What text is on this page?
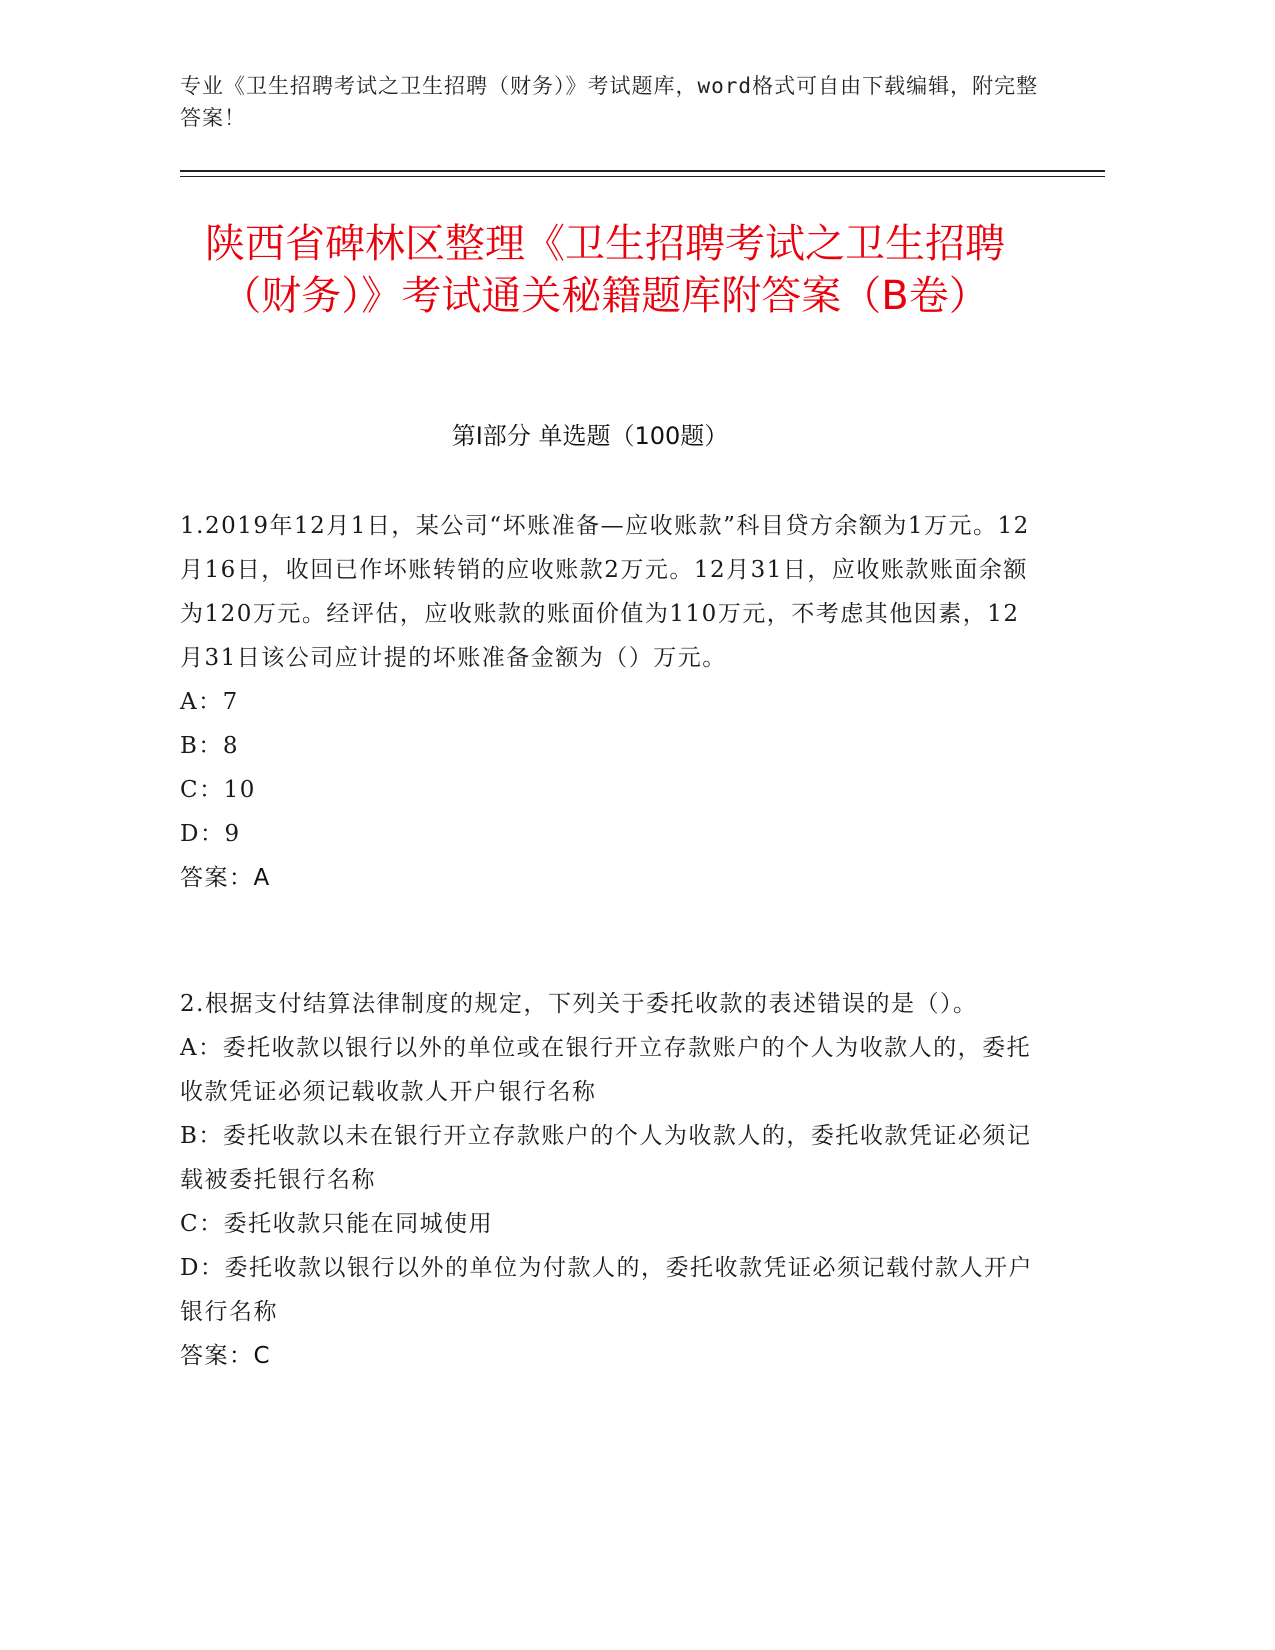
专业《卫生招聘考试之卫生招聘（财务）》考试题库，word格式可自由下载编辑，附完整答案！
陕西省碑林区整理《卫生招聘考试之卫生招聘（财务）》考试通关秘籍题库附答案（B卷）
第I部分 单选题（100题）

1.2019年12月1日，某公司“坏账准备—应收账款”科目贷方余额为1万元。12月16日，收回已作坏账转销的应收账款2万元。12月31日，应收账款账面余额为120万元。经评估，应收账款的账面价值为110万元，不考虑其他因素，12月31日该公司应计提的坏账准备金额为（）万元。

A：7

B：8

C：10

D：9

答案：A

2.根据支付结算法律制度的规定，下列关于委托收款的表述错误的是（）。

A：委托收款以银行以外的单位或在银行开立存款账户的个人为收款人的，委托收款凭证必须记载收款人开户银行名称

B：委托收款以未在银行开立存款账户的个人为收款人的，委托收款凭证必须记载被委托银行名称

C：委托收款只能在同城使用

D：委托收款以银行以外的单位为付款人的，委托收款凭证必须记载付款人开户银行名称

答案：C
